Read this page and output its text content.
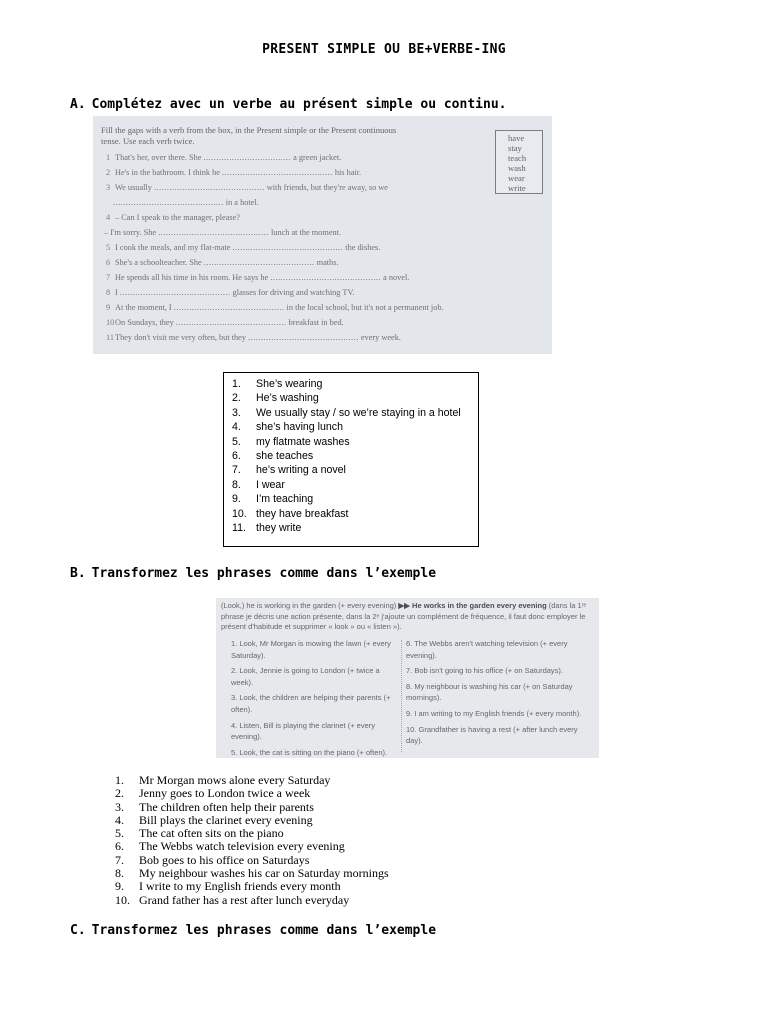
PRESENT SIMPLE OU BE+VERBE-ING
A. Complétez avec un verbe au présent simple ou continu.
Fill the gaps with a verb from the box, in the Present simple or the Present continuous tense. Use each verb twice.
1 That's her, over there. She .................................. a green jacket.
2 He's in the bathroom. I think he ........................................... his hair.
3 We usually ........................................... with friends, but they're away, so we
........................................... in a hotel.
4 – Can I speak to the manager, please?
– I'm sorry. She ........................................... lunch at the moment.
5 I cook the meals, and my flat-mate ........................................... the dishes.
6 She's a schoolteacher. She ........................................... maths.
7 He spends all his time in his room. He says he ........................................... a novel.
8 I ........................................... glasses for driving and watching TV.
9 At the moment, I ........................................... in the local school, but it's not a permanent job.
10On Sundays, they ........................................... breakfast in bed.
11They don't visit me very often, but they ........................................... every week.
have
stay
teach
wash
wear
write
1. She’s wearing
2. He’s washing
3. We usually stay / so we’re staying in a hotel
4. she’s having lunch
5. my flatmate washes
6. she teaches
7. he’s writing a novel
8. I wear
9. I’m teaching
10. they have breakfast
11. they write
B. Transformez les phrases comme dans l’exemple
(Look,) he is working in the garden (+ every evening) ▶▶ He works in the garden every evening (dans la 1ʳᵉ phrase je décris une action présente, dans la 2ᵉ j'ajoute un complément de fréquence, il faut donc employer le présent d'habitude et supprimer « look » ou « listen »).
1. Look, Mr Morgan is mowing the lawn (+ every Saturday).
2. Look, Jennie is going to London (+ twice a week).
3. Look, the children are helping their parents (+ often).
4. Listen, Bill is playing the clarinet (+ every evening).
5. Look, the cat is sitting on the piano (+ often).
6. The Webbs aren't watching television (+ every evening).
7. Bob isn't going to his office (+ on Saturdays).
8. My neighbour is washing his car (+ on Saturday mornings).
9. I am writing to my English friends (+ every month).
10. Grandfather is having a rest (+ after lunch every day).
1. Mr Morgan mows alone every Saturday
2. Jenny goes to London twice a week
3. The children often help their parents
4. Bill plays the clarinet every evening
5. The cat often sits on the piano
6. The Webbs watch television every evening
7. Bob goes to his office on Saturdays
8. My neighbour washes his car on Saturday mornings
9. I write to my English friends every month
10. Grand father has a rest after lunch everyday
C. Transformez les phrases comme dans l’exemple
